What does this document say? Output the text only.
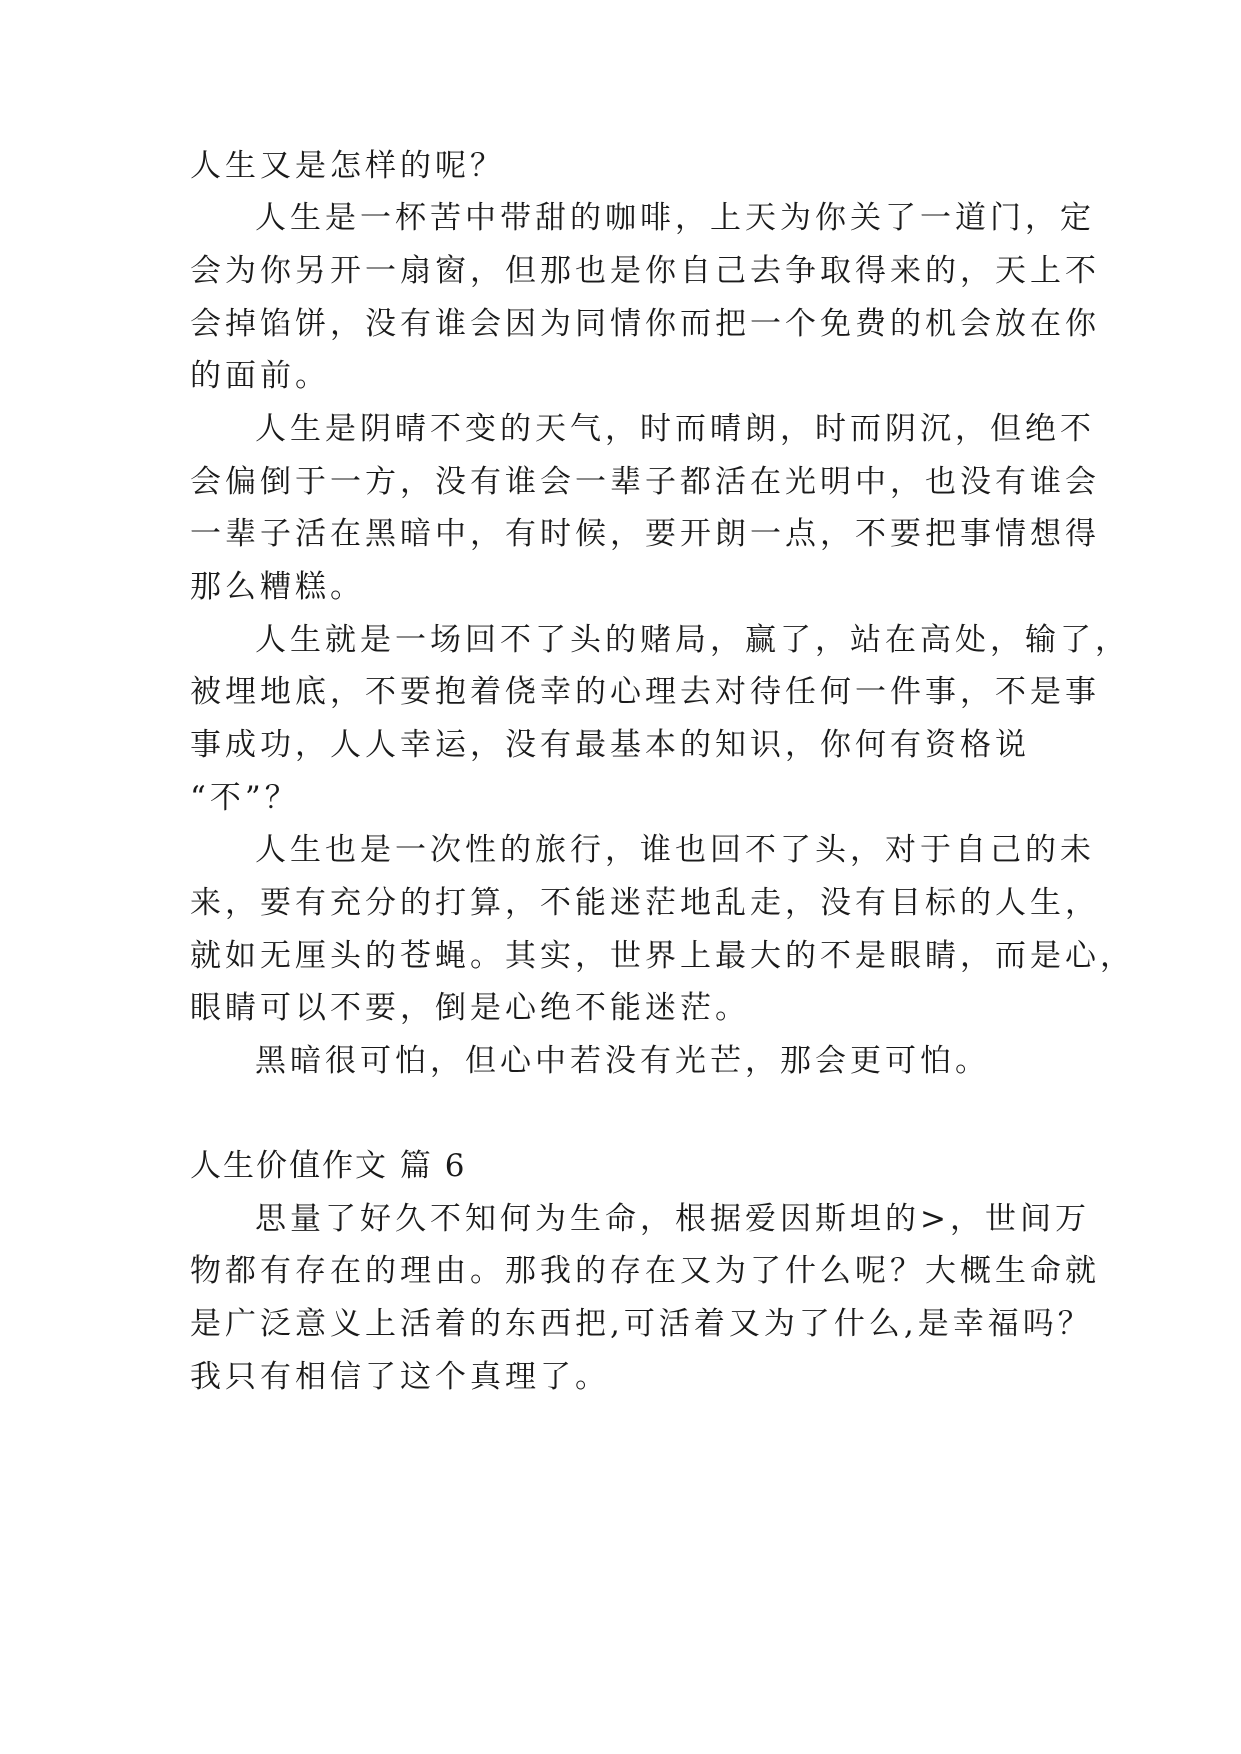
人生又是怎样的呢？
人生是一杯苦中带甜的咖啡，上天为你关了一道门，定
会为你另开一扇窗，但那也是你自己去争取得来的，天上不
会掉馅饼，没有谁会因为同情你而把一个免费的机会放在你
的面前。
人生是阴晴不变的天气，时而晴朗，时而阴沉，但绝不
会偏倒于一方，没有谁会一辈子都活在光明中，也没有谁会
一辈子活在黑暗中，有时候，要开朗一点，不要把事情想得
那么糟糕。
人生就是一场回不了头的赌局，赢了，站在高处，输了，
被埋地底，不要抱着侥幸的心理去对待任何一件事，不是事
事成功，人人幸运，没有最基本的知识，你何有资格说
“不”？
人生也是一次性的旅行，谁也回不了头，对于自己的未
来，要有充分的打算，不能迷茫地乱走，没有目标的人生，
就如无厘头的苍蝇。其实，世界上最大的不是眼睛，而是心，
眼睛可以不要，倒是心绝不能迷茫。
黑暗很可怕，但心中若没有光芒，那会更可怕。
人生价值作文 篇 6
思量了好久不知何为生命，根据爱因斯坦的>，世间万
物都有存在的理由。那我的存在又为了什么呢？大概生命就
是广泛意义上活着的东西把,可活着又为了什么,是幸福吗？
我只有相信了这个真理了。
